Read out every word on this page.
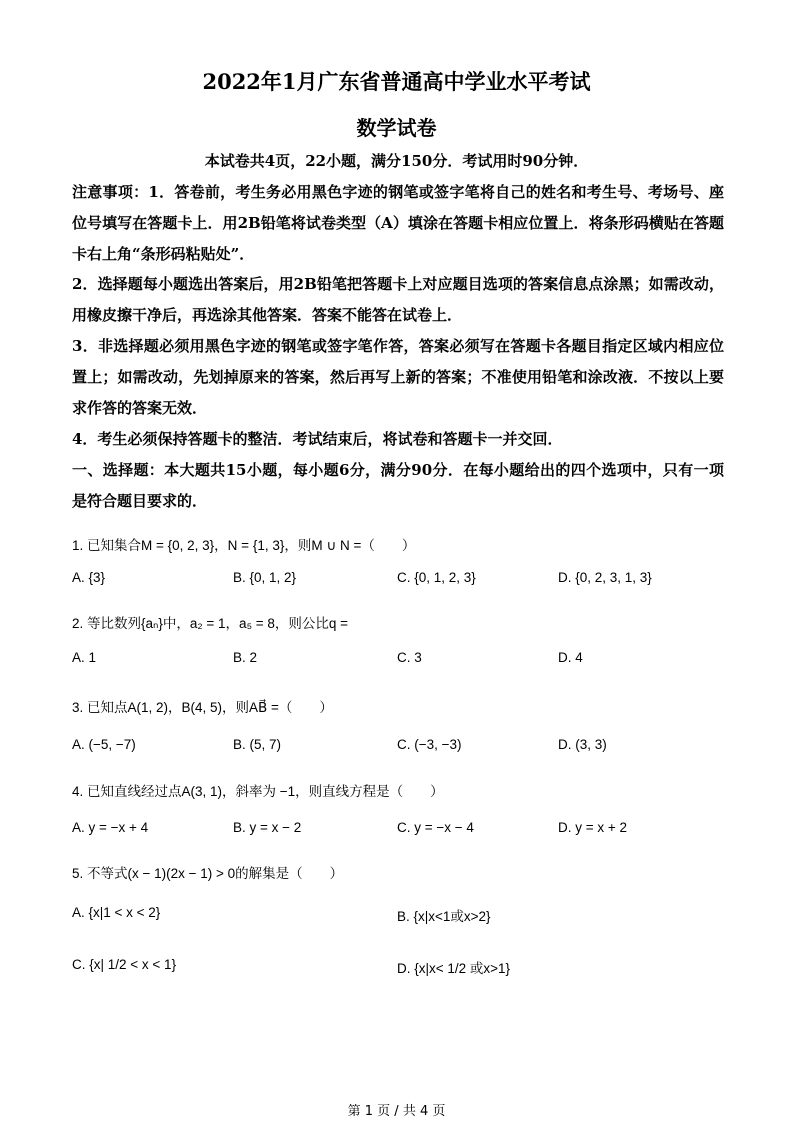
2022年1月广东省普通高中学业水平考试
数学试卷
本试卷共4页，22小题，满分150分．考试用时90分钟．
注意事项：1．答卷前，考生务必用黑色字迹的钢笔或签字笔将自己的姓名和考生号、考场号、座位号填写在答题卡上．用2B铅笔将试卷类型（A）填涂在答题卡相应位置上．将条形码横贴在答题卡右上角“条形码粘贴处”．
2．选择题每小题选出答案后，用2B铅笔把答题卡上对应题目选项的答案信息点涂黑；如需改动，用橡皮擦干净后，再选涂其他答案．答案不能答在试卷上．
3．非选择题必须用黑色字迹的钢笔或签字笔作答，答案必须写在答题卡各题目指定区域内相应位置上；如需改动，先划掉原来的答案，然后再写上新的答案；不准使用铅笔和涂改液．不按以上要求作答的答案无效．
4．考生必须保持答题卡的整洁．考试结束后，将试卷和答题卡一并交回．
一、选择题：本大题共15小题，每小题6分，满分90分．在每小题给出的四个选项中，只有一项是符合题目要求的．
1. 已知集合M = {0, 2, 3}，N = {1, 3}，则M ∪ N =（　　）
A. {3}	B. {0, 1, 2}	C. {0, 1, 2, 3}	D. {0, 2, 3, 1, 3}
2. 等比数列{aₙ}中，a₂ = 1，a₅ = 8，则公比q =
A. 1	B. 2	C. 3	D. 4
3. 已知点A(1, 2)，B(4, 5)，则AB⃗ =（　　）
A. (−5, −7)	B. (5, 7)	C. (−3, −3)	D. (3, 3)
4. 已知直线经过点A(3, 1)，斜率为 −1，则直线方程是（　　）
A. y = −x + 4	B. y = x − 2	C. y = −x − 4	D. y = x + 2
5. 不等式(x − 1)(2x − 1) > 0的解集是（　　）
A. {x|1 < x < 2}	B. {x|x<1或x>2}
C. {x| 1/2 < x < 1}	D. {x|x< 1/2 或x>1}
第 1 页 / 共 4 页
